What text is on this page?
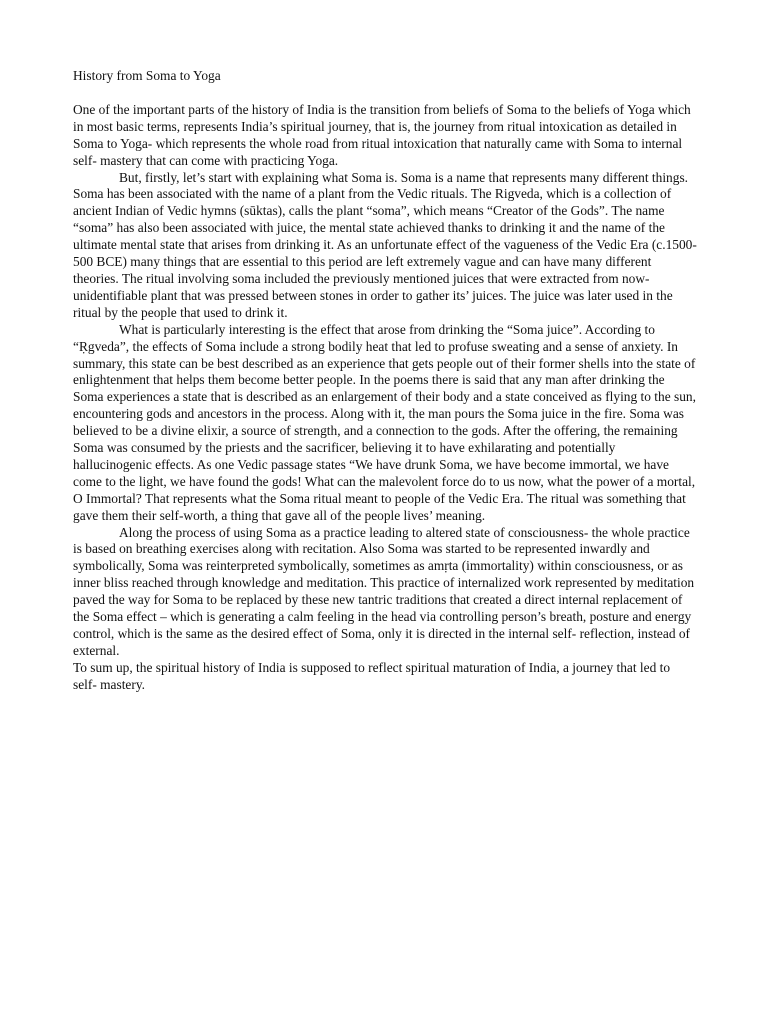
History from Soma to Yoga

One of the important parts of the history of India is the transition from beliefs of Soma to the beliefs of Yoga which in most basic terms, represents India’s spiritual journey, that is, the journey from ritual intoxication as detailed in Soma to Yoga- which represents the whole road from ritual intoxication that naturally came with Soma to internal self- mastery that can come with practicing Yoga.

But, firstly, let’s start with explaining what Soma is. Soma is a name that represents many different things. Soma has been associated with the name of a plant from the Vedic rituals. The Rigveda, which is a collection of ancient Indian of Vedic hymns (sūktas), calls the plant “soma”, which means “Creator of the Gods”. The name “soma” has also been associated with juice, the mental state achieved thanks to drinking it and the name of the ultimate mental state that arises from drinking it. As an unfortunate effect of the vagueness of the Vedic Era (c.1500-500 BCE) many things that are essential to this period are left extremely vague and can have many different theories. The ritual involving soma included the previously mentioned juices that were extracted from now-unidentifiable plant that was pressed between stones in order to gather its’ juices. The juice was later used in the ritual by the people that used to drink it.

What is particularly interesting is the effect that arose from drinking the “Soma juice”. According to “Ṛgveda”, the effects of Soma include a strong bodily heat that led to profuse sweating and a sense of anxiety. In summary, this state can be best described as an experience that gets people out of their former shells into the state of enlightenment that helps them become better people. In the poems there is said that any man after drinking the Soma experiences a state that is described as an enlargement of their body and a state conceived as flying to the sun, encountering gods and ancestors in the process. Along with it, the man pours the Soma juice in the fire. Soma was believed to be a divine elixir, a source of strength, and a connection to the gods. After the offering, the remaining Soma was consumed by the priests and the sacrificer, believing it to have exhilarating and potentially hallucinogenic effects. As one Vedic passage states “We have drunk Soma, we have become immortal, we have come to the light, we have found the gods! What can the malevolent force do to us now, what the power of a mortal, O Immortal? That represents what the Soma ritual meant to people of the Vedic Era. The ritual was something that gave them their self-worth, a thing that gave all of the people lives’ meaning.

Along the process of using Soma as a practice leading to altered state of consciousness- the whole practice is based on breathing exercises along with recitation. Also Soma was started to be represented inwardly and symbolically, Soma was reinterpreted symbolically, sometimes as amṛta (immortality) within consciousness, or as inner bliss reached through knowledge and meditation. This practice of internalized work represented by meditation paved the way for Soma to be replaced by these new tantric traditions that created a direct internal replacement of the Soma effect – which is generating a calm feeling in the head via controlling person’s breath, posture and energy control, which is the same as the desired effect of Soma, only it is directed in the internal self- reflection, instead of external.

To sum up, the spiritual history of India is supposed to reflect spiritual maturation of India, a journey that led to self- mastery.
